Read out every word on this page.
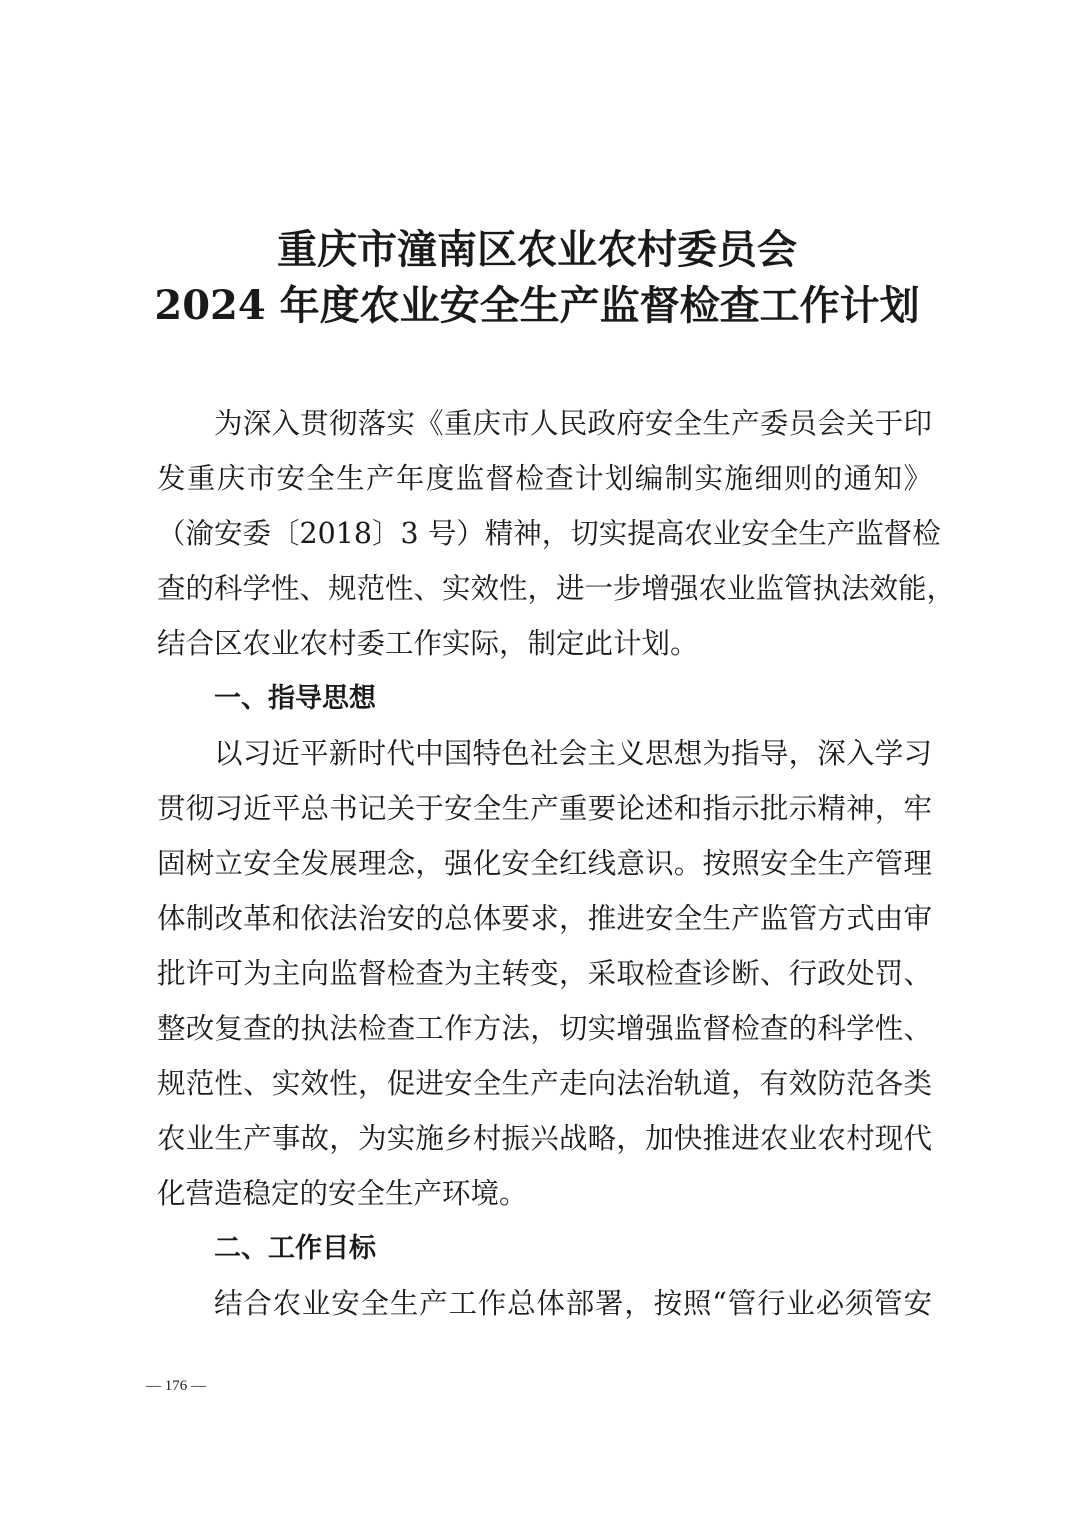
重庆市潼南区农业农村委员会
2024 年度农业安全生产监督检查工作计划
为深入贯彻落实《重庆市人民政府安全生产委员会关于印
发重庆市安全生产年度监督检查计划编制实施细则的通知》
（渝安委〔2018〕3 号）精神，切实提高农业安全生产监督检
查的科学性、规范性、实效性，进一步增强农业监管执法效能，
结合区农业农村委工作实际，制定此计划。
一、指导思想
以习近平新时代中国特色社会主义思想为指导，深入学习
贯彻习近平总书记关于安全生产重要论述和指示批示精神，牢
固树立安全发展理念，强化安全红线意识。按照安全生产管理
体制改革和依法治安的总体要求，推进安全生产监管方式由审
批许可为主向监督检查为主转变，采取检查诊断、行政处罚、
整改复查的执法检查工作方法，切实增强监督检查的科学性、
规范性、实效性，促进安全生产走向法治轨道，有效防范各类
农业生产事故，为实施乡村振兴战略，加快推进农业农村现代
化营造稳定的安全生产环境。
二、工作目标
结合农业安全生产工作总体部署，按照“管行业必须管安
— 176 —
